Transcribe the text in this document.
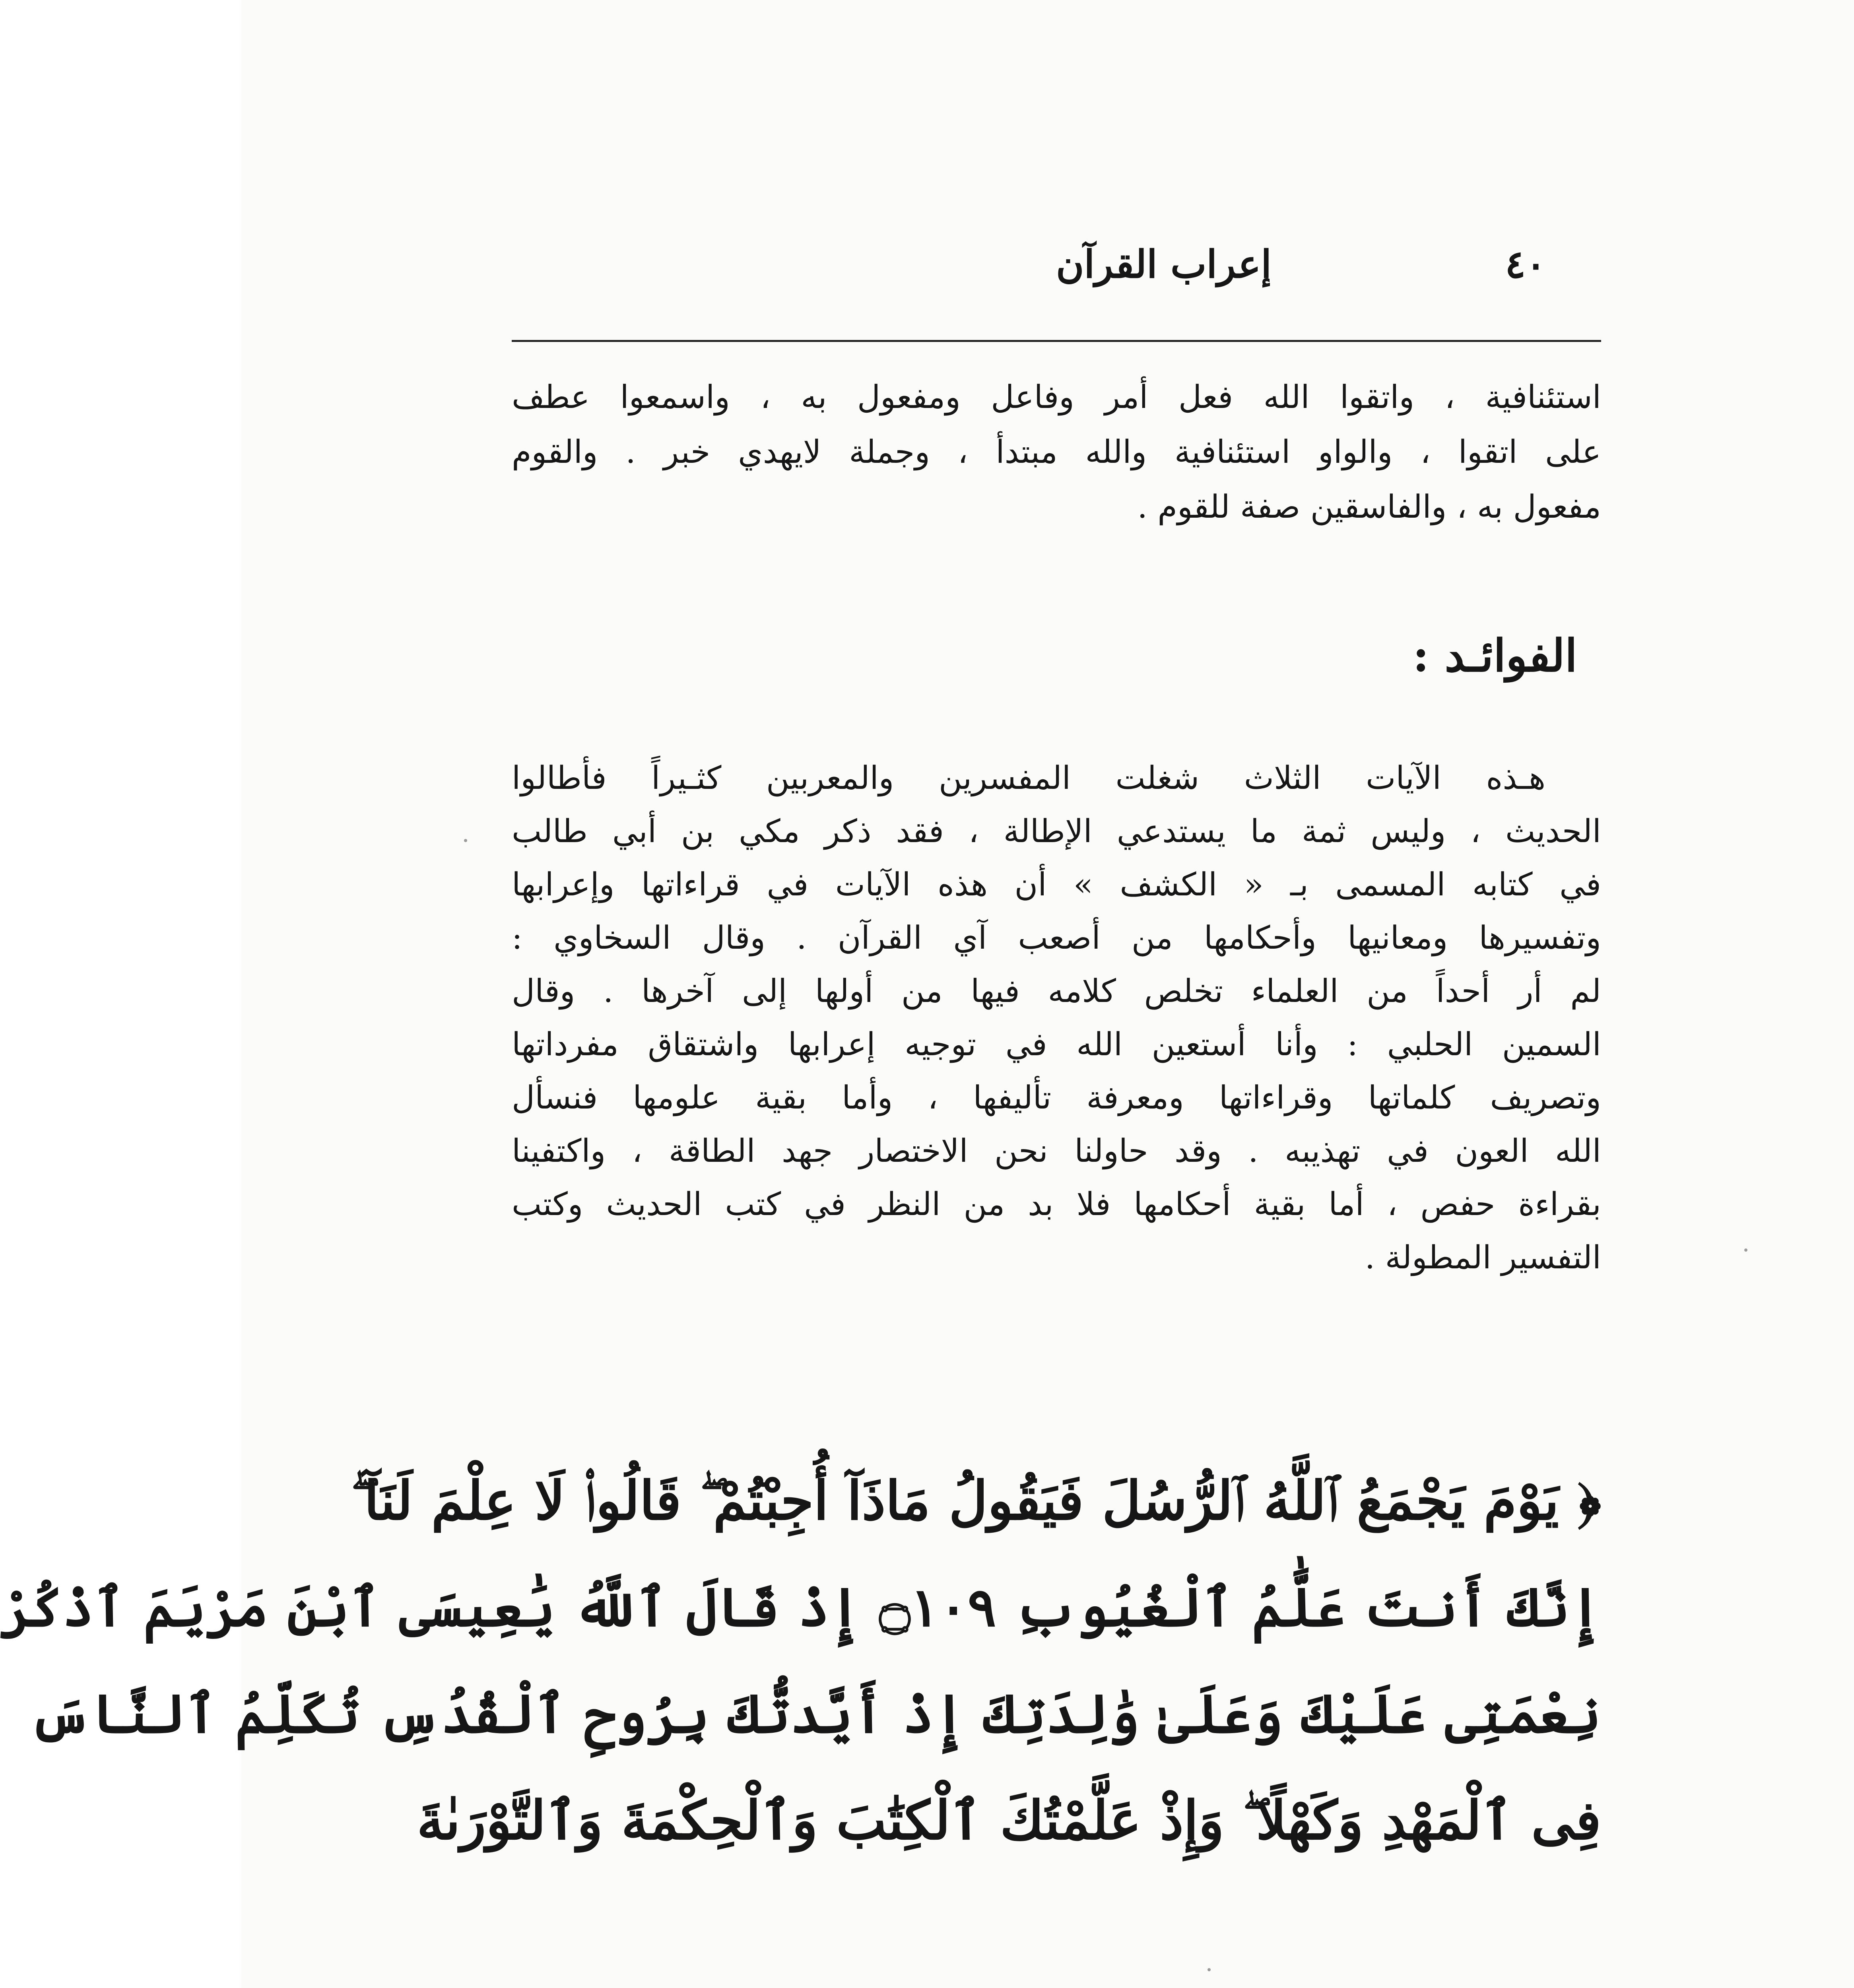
٤٠
إعراب القرآن
استئنافية ، واتقوا الله فعل أمر وفاعل ومفعول به ، واسمعوا عطف
على اتقوا ، والواو استئنافية والله مبتدأ ، وجملة لايهدي خبر . والقوم
مفعول به ، والفاسقين صفة للقوم .
الفوائـد :
هـذه الآيات الثلاث شغلت المفسرين والمعربين كثـيراً فأطالوا
الحديث ، وليس ثمة ما يستدعي الإطالة ، فقد ذكر مكي بن أبي طالب
في كتابه المسمى بـ « الكشف » أن هذه الآيات في قراءاتها وإعرابها
وتفسيرها ومعانيها وأحكامها من أصعب آي القرآن . وقال السخاوي :
لم أر أحداً من العلماء تخلص كلامه فيها من أولها إلى آخرها . وقال
السمين الحلبي : وأنا أستعين الله في توجيه إعرابها واشتقاق مفرداتها
وتصريف كلماتها وقراءاتها ومعرفة تأليفها ، وأما بقية علومها فنسأل
الله العون في تهذيبه . وقد حاولنا نحن الاختصار جهد الطاقة ، واكتفينا
بقراءة حفص ، أما بقية أحكامها فلا بد من النظر في كتب الحديث وكتب
التفسير المطولة .
﴿ يَوْمَ يَجْمَعُ ٱللَّهُ ٱلرُّسُلَ فَيَقُولُ مَاذَآ أُجِبْتُمْ ۖ قَالُوا۟ لَا عِلْمَ لَنَآ ۖ
إِنَّكَ أَنتَ عَلَّٰمُ ٱلْغُيُوبِ ۝١٠٩ إِذْ قَالَ ٱللَّهُ يَٰعِيسَى ٱبْنَ مَرْيَمَ ٱذْكُرْ
نِعْمَتِى عَلَيْكَ وَعَلَىٰ وَٰلِدَتِكَ إِذْ أَيَّدتُّكَ بِرُوحِ ٱلْقُدُسِ تُكَلِّمُ ٱلنَّاسَ
فِى ٱلْمَهْدِ وَكَهْلًا ۖ وَإِذْ عَلَّمْتُكَ ٱلْكِتَٰبَ وَٱلْحِكْمَةَ وَٱلتَّوْرَىٰةَ
